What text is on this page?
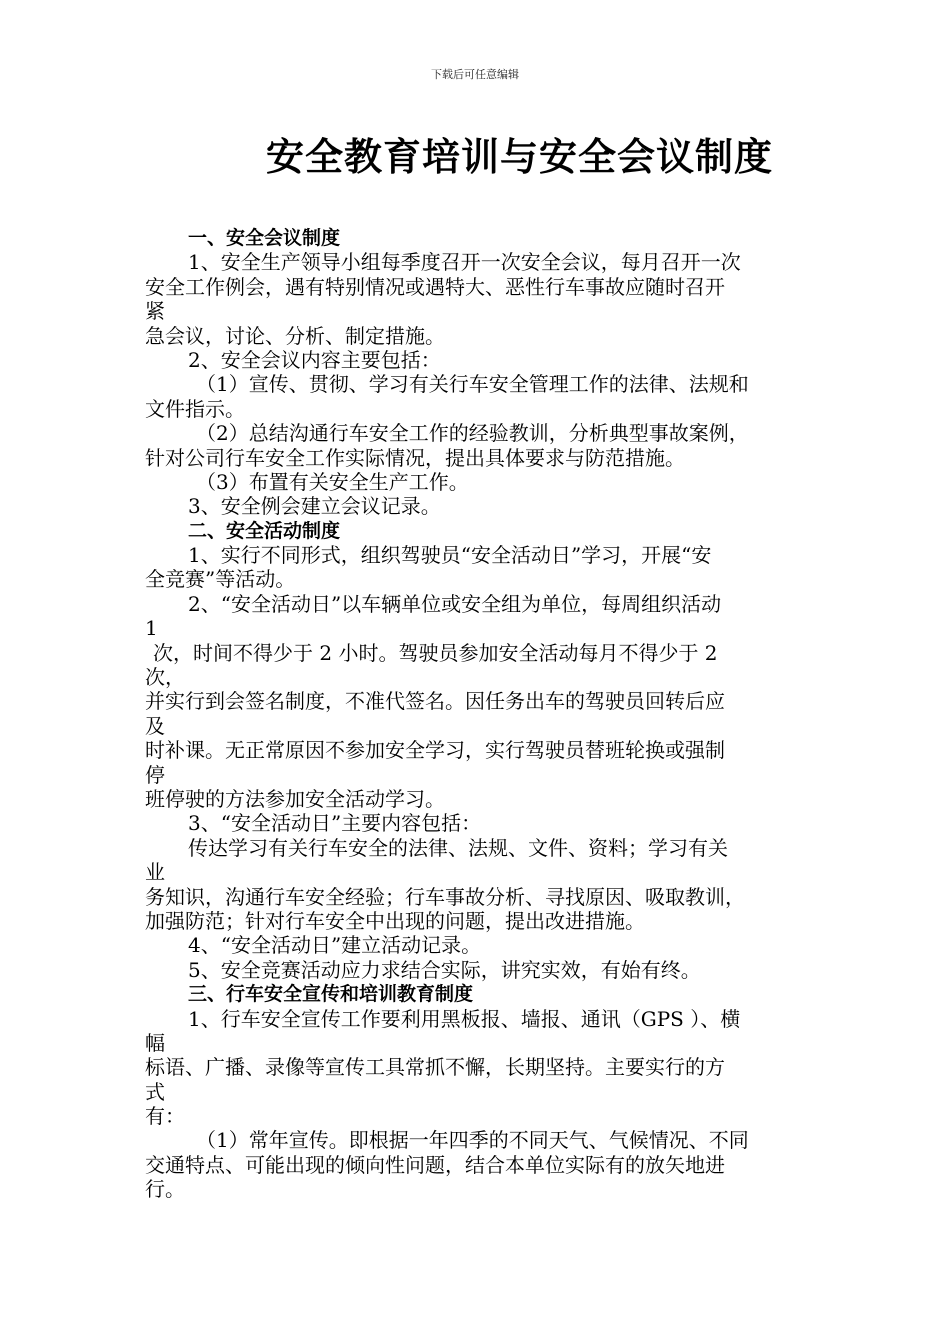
下载后可任意编辑
安全教育培训与安全会议制度
一、安全会议制度
1、安全生产领导小组每季度召开一次安全会议，每月召开一次
安全工作例会，遇有特别情况或遇特大、恶性行车事故应随时召开
紧
急会议，讨论、分析、制定措施。
2、安全会议内容主要包括：
（1）宣传、贯彻、学习有关行车安全管理工作的法律、法规和
文件指示。
（2）总结沟通行车安全工作的经验教训，分析典型事故案例，
针对公司行车安全工作实际情况，提出具体要求与防范措施。
（3）布置有关安全生产工作。
3、安全例会建立会议记录。
二、安全活动制度
1、实行不同形式，组织驾驶员“安全活动日”学习，开展“安
全竞赛”等活动。
2、“安全活动日”以车辆单位或安全组为单位，每周组织活动
1
次，时间不得少于 2 小时。驾驶员参加安全活动每月不得少于 2
次，
并实行到会签名制度，不准代签名。因任务出车的驾驶员回转后应
及
时补课。无正常原因不参加安全学习，实行驾驶员替班轮换或强制
停
班停驶的方法参加安全活动学习。
3、“安全活动日”主要内容包括：
传达学习有关行车安全的法律、法规、文件、资料；学习有关
业
务知识，沟通行车安全经验；行车事故分析、寻找原因、吸取教训，
加强防范；针对行车安全中出现的问题，提出改进措施。
4、“安全活动日”建立活动记录。
5、安全竞赛活动应力求结合实际，讲究实效，有始有终。
三、行车安全宣传和培训教育制度
1、行车安全宣传工作要利用黑板报、墙报、通讯（GPS ）、横
幅
标语、广播、录像等宣传工具常抓不懈，长期坚持。主要实行的方
式
有：
（1）常年宣传。即根据一年四季的不同天气、气候情况、不同
交通特点、可能出现的倾向性问题，结合本单位实际有的放矢地进
行。
